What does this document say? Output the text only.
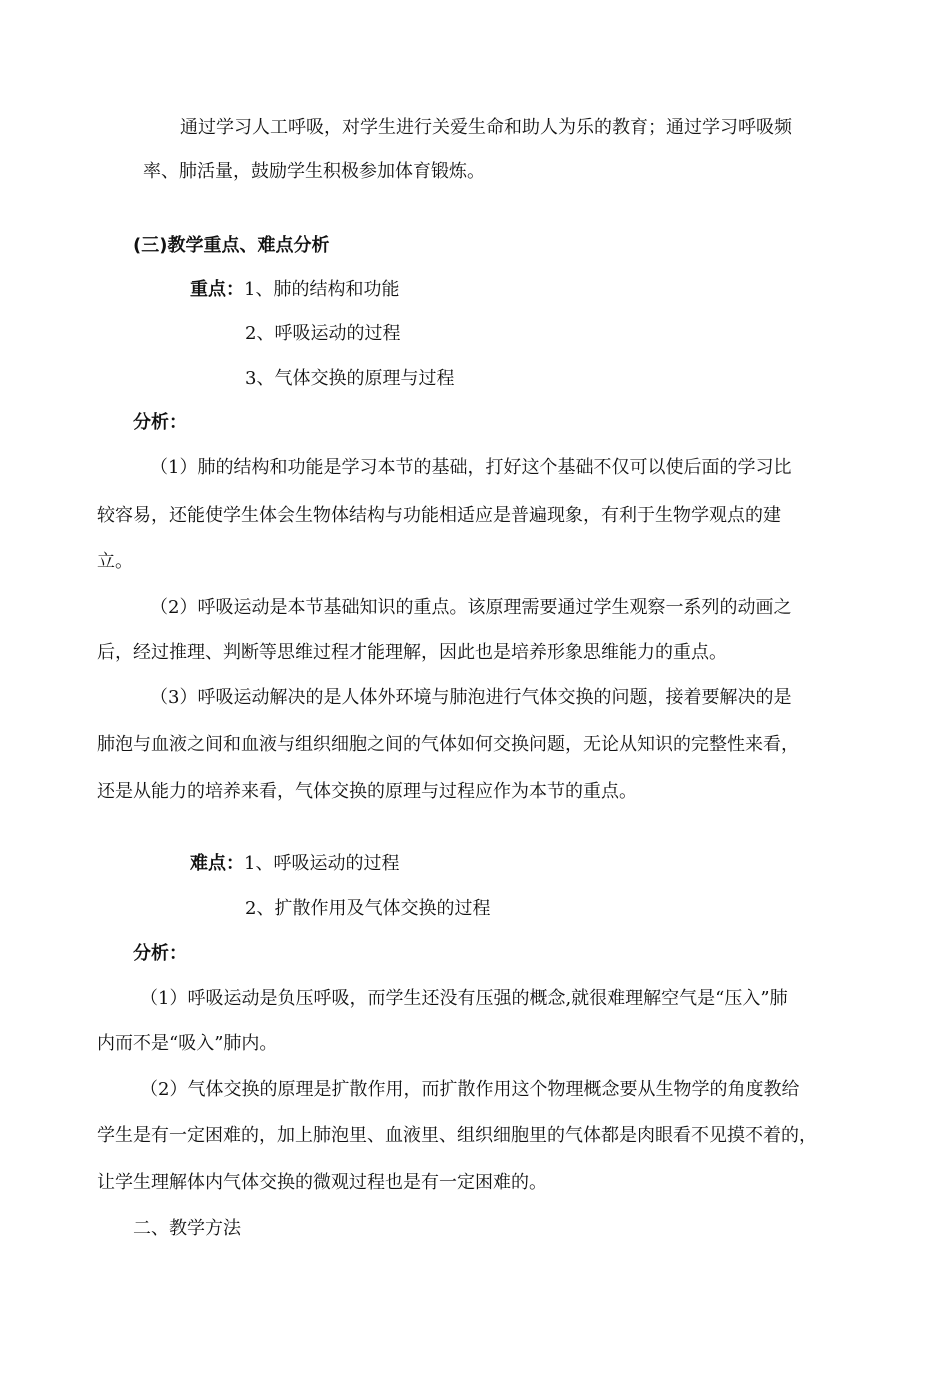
通过学习人工呼吸，对学生进行关爱生命和助人为乐的教育；通过学习呼吸频
率、肺活量，鼓励学生积极参加体育锻炼。
(三)教学重点、难点分析
重点：1、肺的结构和功能
2、呼吸运动的过程
3、气体交换的原理与过程
分析：
（1）肺的结构和功能是学习本节的基础，打好这个基础不仅可以使后面的学习比
较容易，还能使学生体会生物体结构与功能相适应是普遍现象，有利于生物学观点的建
立。
（2）呼吸运动是本节基础知识的重点。该原理需要通过学生观察一系列的动画之
后，经过推理、判断等思维过程才能理解，因此也是培养形象思维能力的重点。
（3）呼吸运动解决的是人体外环境与肺泡进行气体交换的问题，接着要解决的是
肺泡与血液之间和血液与组织细胞之间的气体如何交换问题，无论从知识的完整性来看，
还是从能力的培养来看，气体交换的原理与过程应作为本节的重点。
难点：1、呼吸运动的过程
2、扩散作用及气体交换的过程
分析：
（1）呼吸运动是负压呼吸，而学生还没有压强的概念,就很难理解空气是“压入”肺
内而不是“吸入”肺内。
（2）气体交换的原理是扩散作用，而扩散作用这个物理概念要从生物学的角度教给
学生是有一定困难的，加上肺泡里、血液里、组织细胞里的气体都是肉眼看不见摸不着的，
让学生理解体内气体交换的微观过程也是有一定困难的。
二、教学方法
